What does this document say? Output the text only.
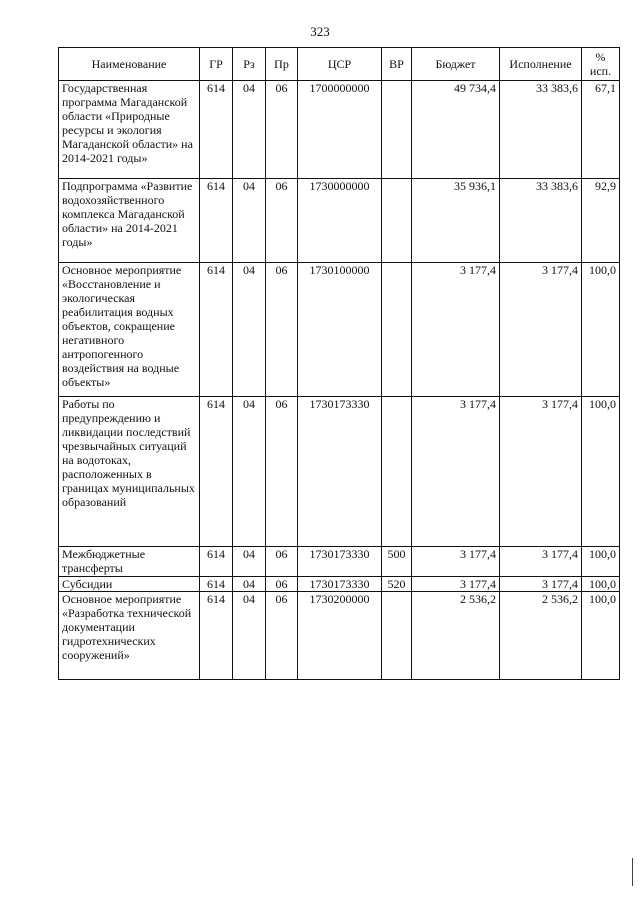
323
Наименование	ГР	Рз	Пр	ЦСР	ВР	Бюджет	Исполнение	% исп.
Государственная программа Магаданской области «Природные ресурсы и экология Магаданской области» на 2014-2021 годы»	614	04	06	1700000000		49 734,4	33 383,6	67,1
Подпрограмма «Развитие водохозяйственного комплекса Магаданской области» на 2014-2021 годы»	614	04	06	1730000000		35 936,1	33 383,6	92,9
Основное мероприятие «Восстановление и экологическая реабилитация водных объектов, сокращение негативного антропогенного воздействия на водные объекты»	614	04	06	1730100000		3 177,4	3 177,4	100,0
Работы по предупреждению и ликвидации последствий чрезвычайных ситуаций на водотоках, расположенных в границах муниципальных образований	614	04	06	1730173330		3 177,4	3 177,4	100,0
Межбюджетные трансферты	614	04	06	1730173330	500	3 177,4	3 177,4	100,0
Субсидии	614	04	06	1730173330	520	3 177,4	3 177,4	100,0
Основное мероприятие «Разработка технической документации гидротехнических сооружений»	614	04	06	1730200000		2 536,2	2 536,2	100,0
